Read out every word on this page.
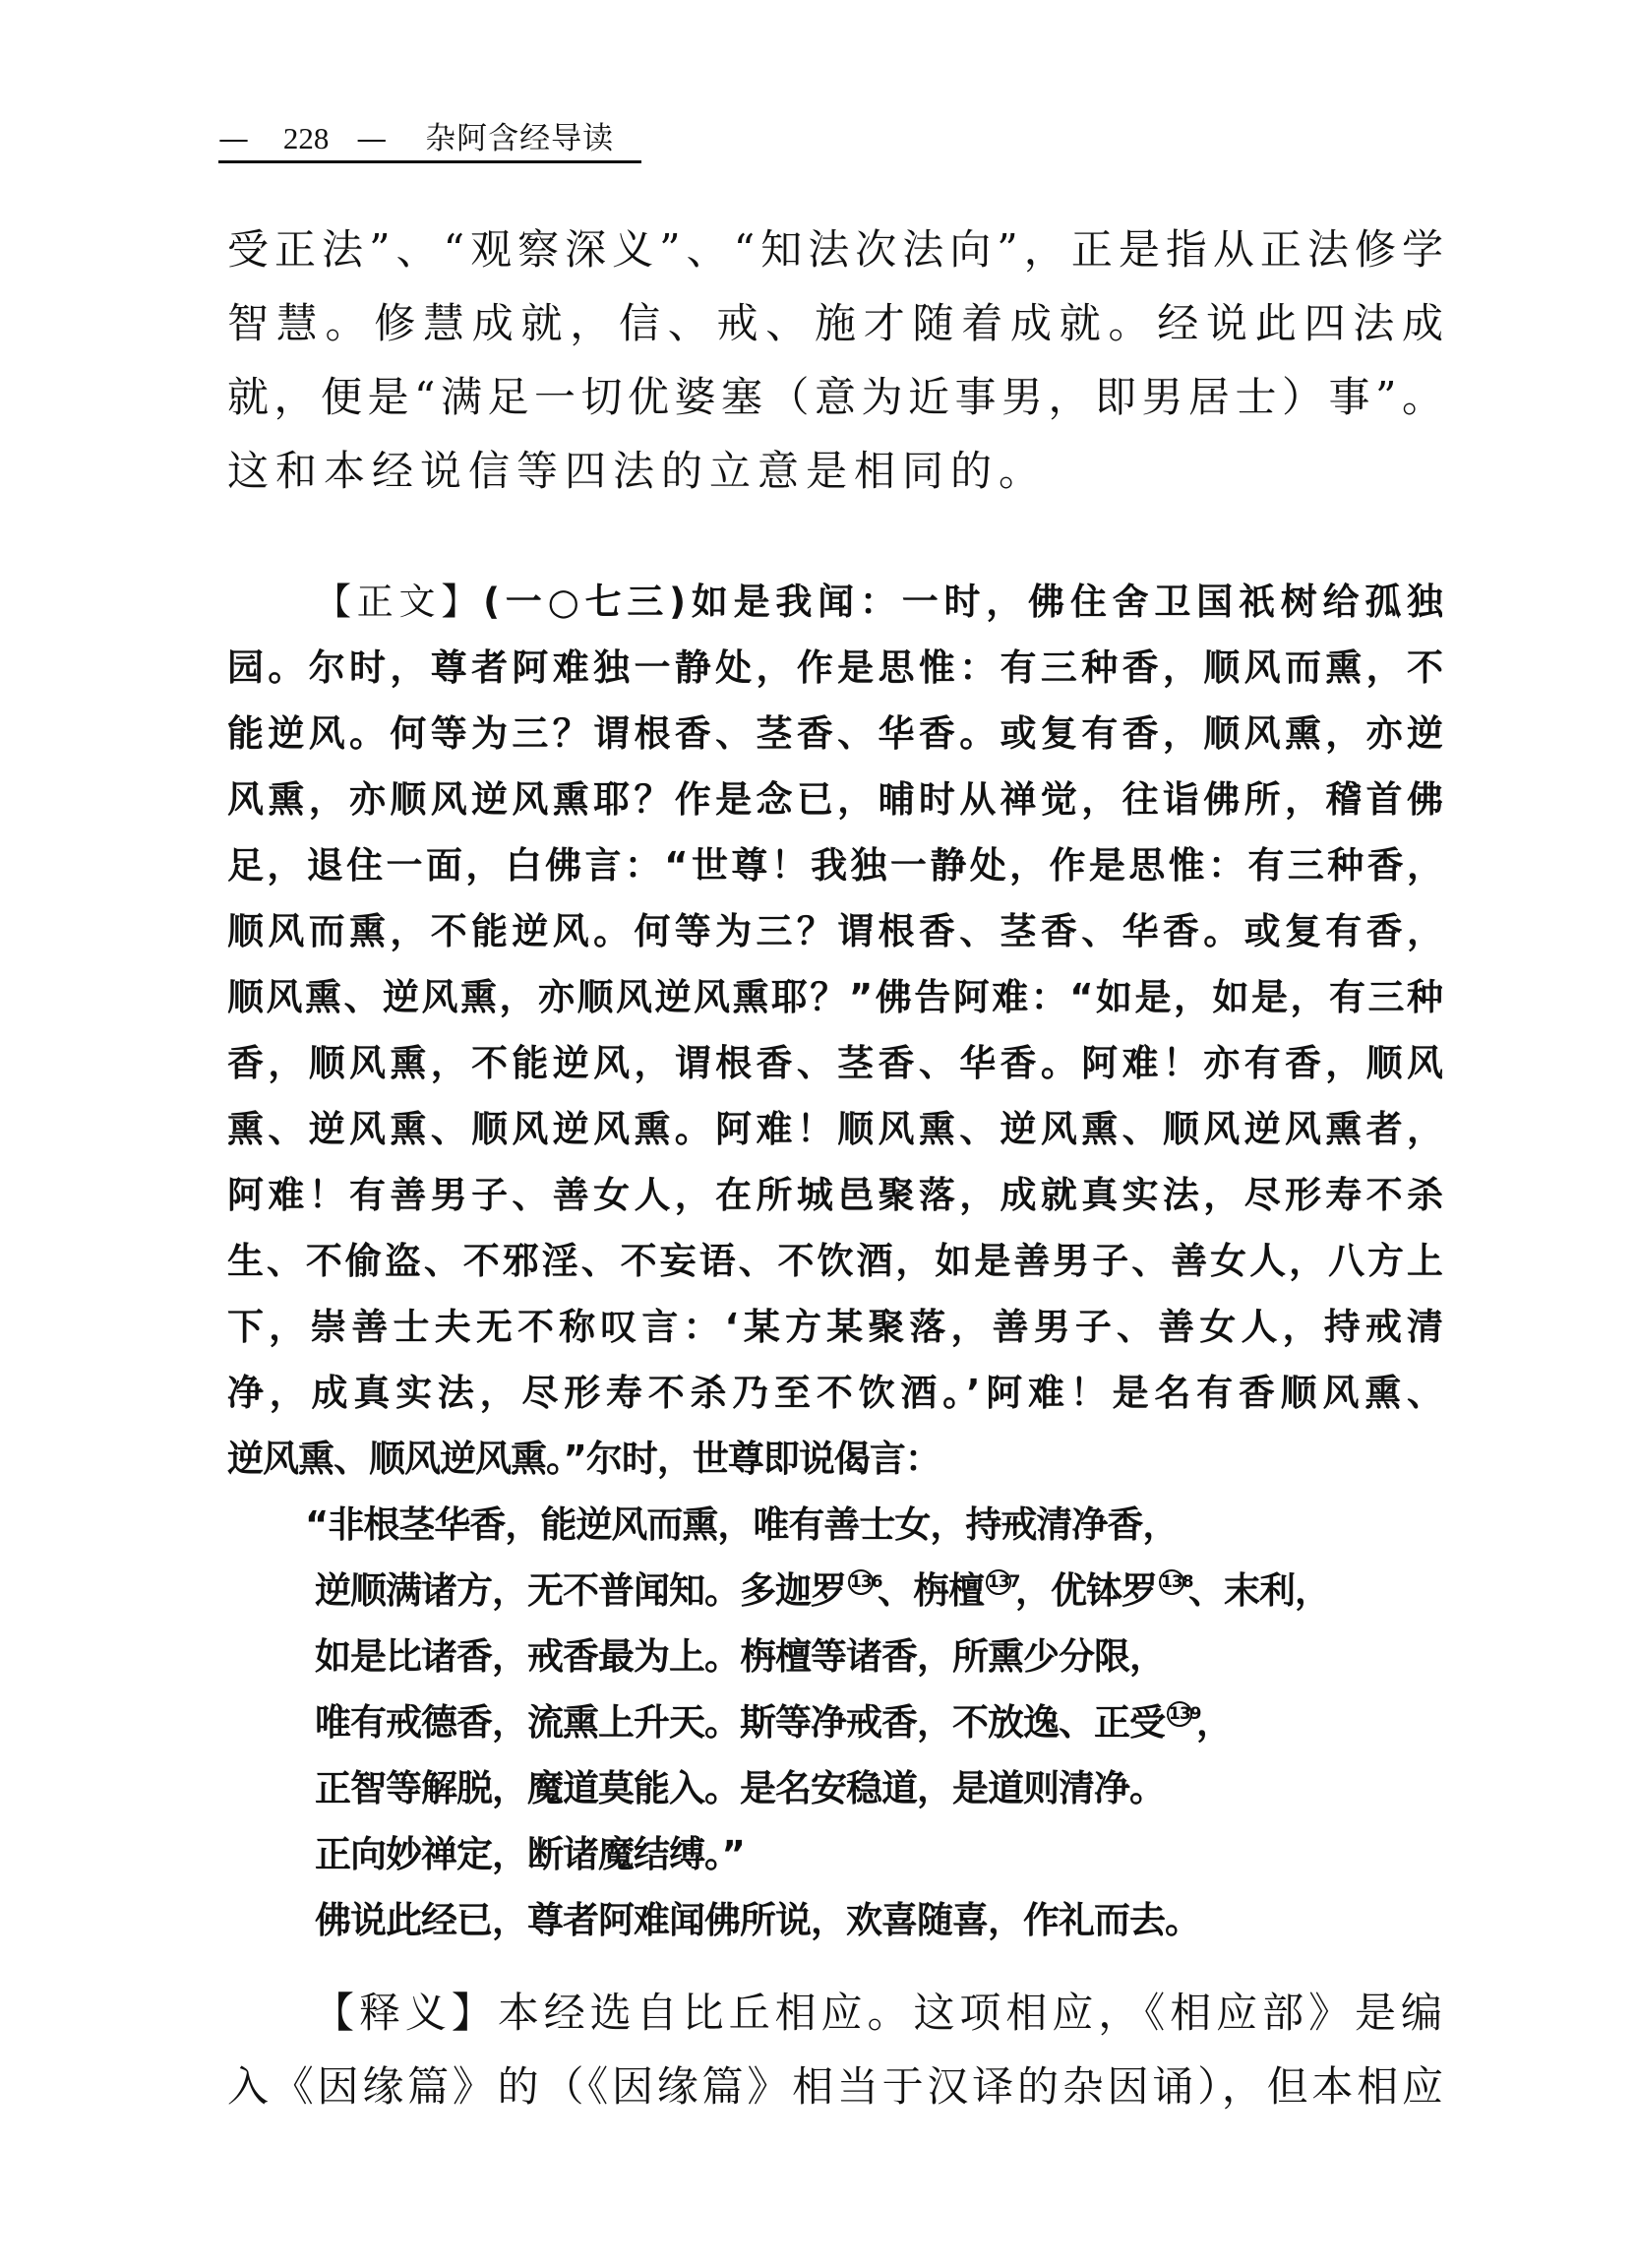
— 228 — 杂阿含经导读
受正法”、“观察深义”、“知法次法向”，正是指从正法修学
智慧。修慧成就，信、戒、施才随着成就。经说此四法成
就，便是“满足一切优婆塞（意为近事男，即男居士）事”。
这和本经说信等四法的立意是相同的。
【正文】(一○七三)如是我闻：一时，佛住舍卫国祇树给孤独
园。尔时，尊者阿难独一静处，作是思惟：有三种香，顺风而熏，不
能逆风。何等为三？谓根香、茎香、华香。或复有香，顺风熏，亦逆
风熏，亦顺风逆风熏耶？作是念已，晡时从禅觉，往诣佛所，稽首佛
足，退住一面，白佛言：“世尊！我独一静处，作是思惟：有三种香，
顺风而熏，不能逆风。何等为三？谓根香、茎香、华香。或复有香，
顺风熏、逆风熏，亦顺风逆风熏耶？”佛告阿难：“如是，如是，有三种
香，顺风熏，不能逆风，谓根香、茎香、华香。阿难！亦有香，顺风
熏、逆风熏、顺风逆风熏。阿难！顺风熏、逆风熏、顺风逆风熏者，
阿难！有善男子、善女人，在所城邑聚落，成就真实法，尽形寿不杀
生、不偷盗、不邪淫、不妄语、不饮酒，如是善男子、善女人，八方上
下，崇善士夫无不称叹言：‘某方某聚落，善男子、善女人，持戒清
净，成真实法，尽形寿不杀乃至不饮酒。’阿难！是名有香顺风熏、
逆风熏、顺风逆风熏。”尔时，世尊即说偈言：
“非根茎华香，能逆风而熏，唯有善士女，持戒清净香，
逆顺满诸方，无不普闻知。多迦罗 136、栴檀 137，优钵罗 138、末利，
如是比诸香，戒香最为上。栴檀等诸香，所熏少分限，
唯有戒德香，流熏上升天。斯等净戒香，不放逸、正受 139，
正智等解脱，魔道莫能入。是名安稳道，是道则清净。
正向妙禅定，断诸魔结缚。”
佛说此经已，尊者阿难闻佛所说，欢喜随喜，作礼而去。
【释义】本经选自比丘相应。这项相应，《相应部》是编
入《因缘篇》的（《因缘篇》相当于汉译的杂因诵），但本相应
